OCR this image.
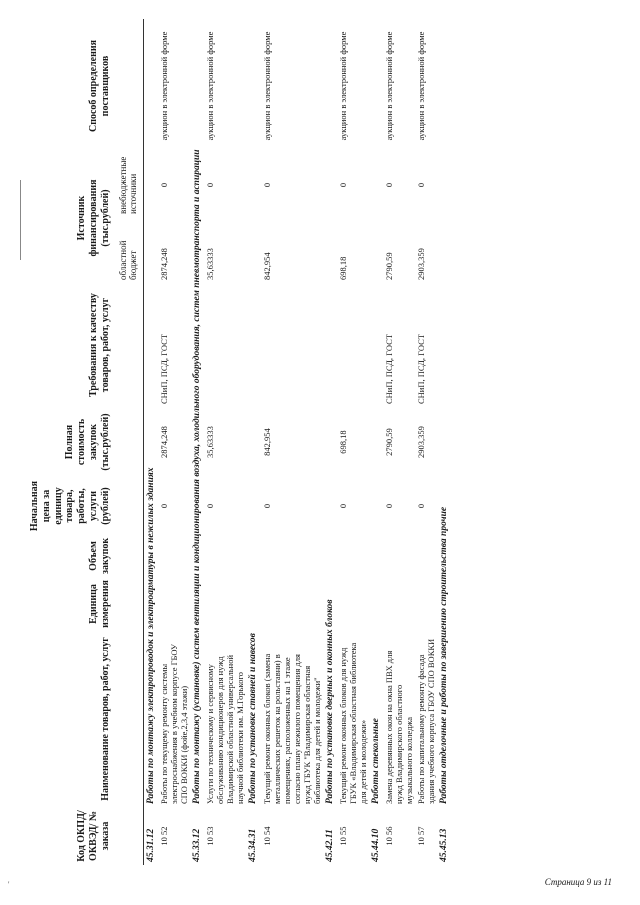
'
Код ОКПД/ ОКВЭД/ № заказа	Наименование товаров, работ, услуг	Единица измерения	Объем закупок	Начальная цена за единицу товара, работы, услуги (рублей)	Полная стоимость закупок (тыс.рублей)	Требования к качеству товаров, работ, услуг	Источник финансирования (тыс.рублей)		Способ определения поставщиков
							областной бюджет	внебюджетные источники	
45.31.12	Работы по монтажу электропроводок и электроарматуры в нежилых зданиях								
10 52	Работы по текущему ремонту системы электроснабжения в учебном корпусе ГБОУ СПО ВОККИ (фойе,2,3,4 этажи)			0	2874,248	СНиП, ПСД, ГОСТ	2874,248	0	аукцион в электронной форме
45.33.12	Работы по монтажу (установке) систем вентиляции и кондиционирования воздуха, холодильного оборудования, систем пневмотранспорта и аспирации								
10 53	Услуги по техническому и сервисному обслуживанию кондиционеров для нужд Владимирской областной универсальной научной библиотеки им. М.Горького			0	35,63333		35,63333	0	аукцион в электронной форме
45.34.31	Работы по установке ставней и навесов								
10 54	Текущий ремонт оконных блоков (замена металлических решеток на рольставни) в помещениях, расположенных на 1 этаже согласно плану нежилого помещения для нужд ГБУК "Владимирская областная библиотека для детей и молодежи"			0	842,954		842,954	0	аукцион в электронной форме
45.42.11	Работы по установке дверных и оконных блоков								
10 55	Текущий ремонт оконных блоков для нужд ГБУК «Владимирская областная библиотека для детей и молодежи»			0	698,18		698,18	0	аукцион в электронной форме
45.44.10	Работы стекольные								
10 56	Замена деревянных окон на окна ПВХ для нужд Владимирского областного музыкального колледжа			0	2790,59	СНиП, ПСД, ГОСТ	2790,59	0	аукцион в электронной форме
10 57	Работы по капитальному ремонту фасада здания учебного корпуса ГБОУ СПО ВОККИ			0	2903,359	СНиП, ПСД, ГОСТ	2903,359	0	аукцион в электронной форме
45.45.13	Работы отделочные и работы по завершению строительства прочие								
Страница 9 из 11
